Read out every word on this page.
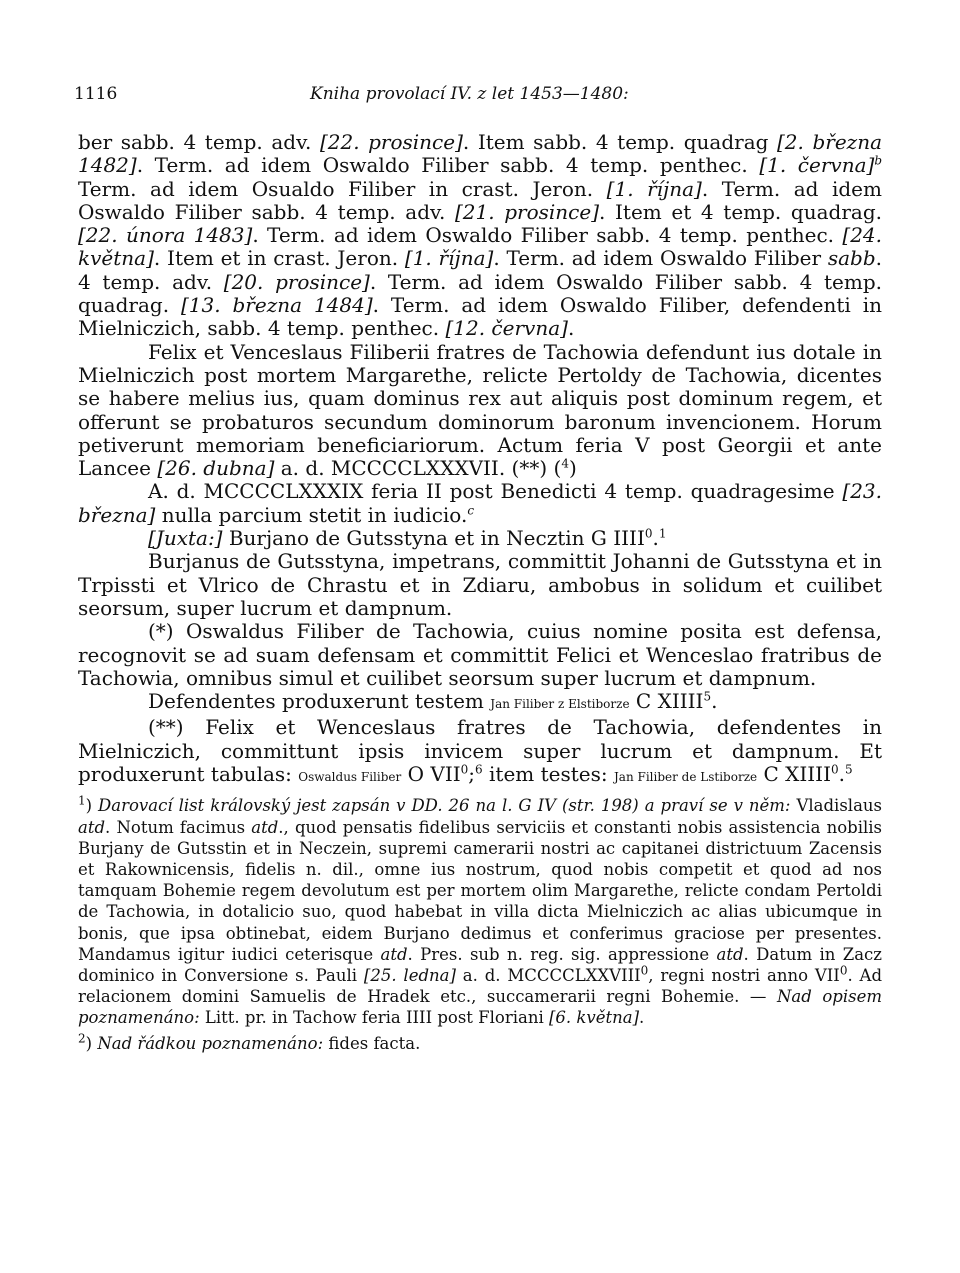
1116	Kniha provolací IV. z let 1453—1480:

ber sabb. 4 temp. adv. [22. prosince]. Item sabb. 4 temp. quadrag [2. března 1482]. Term. ad idem Oswaldo Filiber sabb. 4 temp. penthec. [1. června]$^b$ Term. ad idem Osualdo Filiber in crast. Jeron. [1. října]. Term. ad idem Oswaldo Filiber sabb. 4 temp. adv. [21. prosince]. Item et 4 temp. quadrag. [22. února 1483]. Term. ad idem Oswaldo Filiber sabb. 4 temp. penthec. [24. května]. Item et in crast. Jeron. [1. října]. Term. ad idem Oswaldo Filiber sabb. 4 temp. adv. [20. prosince]. Term. ad idem Oswaldo Filiber sabb. 4 temp. quadrag. [13. března 1484]. Term. ad idem Oswaldo Filiber, defendenti in Mielniczich, sabb. 4 temp. penthec. [12. června].

Felix et Venceslaus Filiberii fratres de Tachowia defendunt ius dotale in Mielniczich post mortem Margarethe, relicte Pertoldy de Tachowia, dicentes se habere melius ius, quam dominus rex aut aliquis post dominum regem, et offerunt se probaturos secundum dominorum baronum invencionem. Horum petiverunt memoriam beneficiariorum. Actum feria V post Georgii et ante Lancee [26. dubna] a. d. MCCCCLXXXVII. (**) ($^4$)

A. d. MCCCCLXXXIX feria II post Benedicti 4 temp. quadragesime [23. března] nulla parcium stetit in iudicio.$^c$

[Juxta:] Burjano de Gutsstyna et in Necztin G IIII$^0$.$^1$

Burjanus de Gutsstyna, impetrans, committit Johanni de Gutsstyna et in Trpissti et Vlrico de Chrastu et in Zdiaru, ambobus in solidum et cuilibet seorsum, super lucrum et dampnum.

(*) Oswaldus Filiber de Tachowia, cuius nomine posita est defensa, recognovit se ad suam defensam et committit Felici et Wenceslao fratribus de Tachowia, omnibus simul et cuilibet seorsum super lucrum et dampnum.

Defendentes produxerunt testem Jan Filiber z Elstiborze C XIIII$^5$.

(**) Felix et Wenceslaus fratres de Tachowia, defendentes in Mielniczich, committunt ipsis invicem super lucrum et dampnum. Et produxerunt tabulas: Oswaldus Filiber O VII$^0$;$^6$ item testes: Jan Filiber de Lstiborze C XIIII$^0$.$^5$

$^1$) Darovací list královský jest zapsán v DD. 26 na l. G IV (str. 198) a praví se v něm: Vladislaus atd. Notum facimus atd., quod pensatis fidelibus serviciis et constanti nobis assistencia nobilis Burjany de Gutsstin et in Neczein, supremi camerarii nostri ac capitanei districtuum Zacensis et Rakownicensis, fidelis n. dil., omne ius nostrum, quod nobis competit et quod ad nos tamquam Bohemie regem devolutum est per mortem olim Margarethe, relicte condam Pertoldi de Tachowia, in dotalicio suo, quod habebat in villa dicta Mielniczich ac alias ubicumque in bonis, que ipsa obtinebat, eidem Burjano dedimus et conferimus graciose per presentes. Mandamus igitur iudici ceterisque atd. Pres. sub n. reg. sig. appressione atd. Datum in Zacz dominico in Conversione s. Pauli [25. ledna] a. d. MCCCCLXXVIII$^0$, regni nostri anno VII$^0$. Ad relacionem domini Samuelis de Hradek etc., succamerarii regni Bohemie. — Nad opisem poznamenáno: Litt. pr. in Tachow feria IIII post Floriani [6. května].

$^2$) Nad řádkou poznamenáno: fides facta.
